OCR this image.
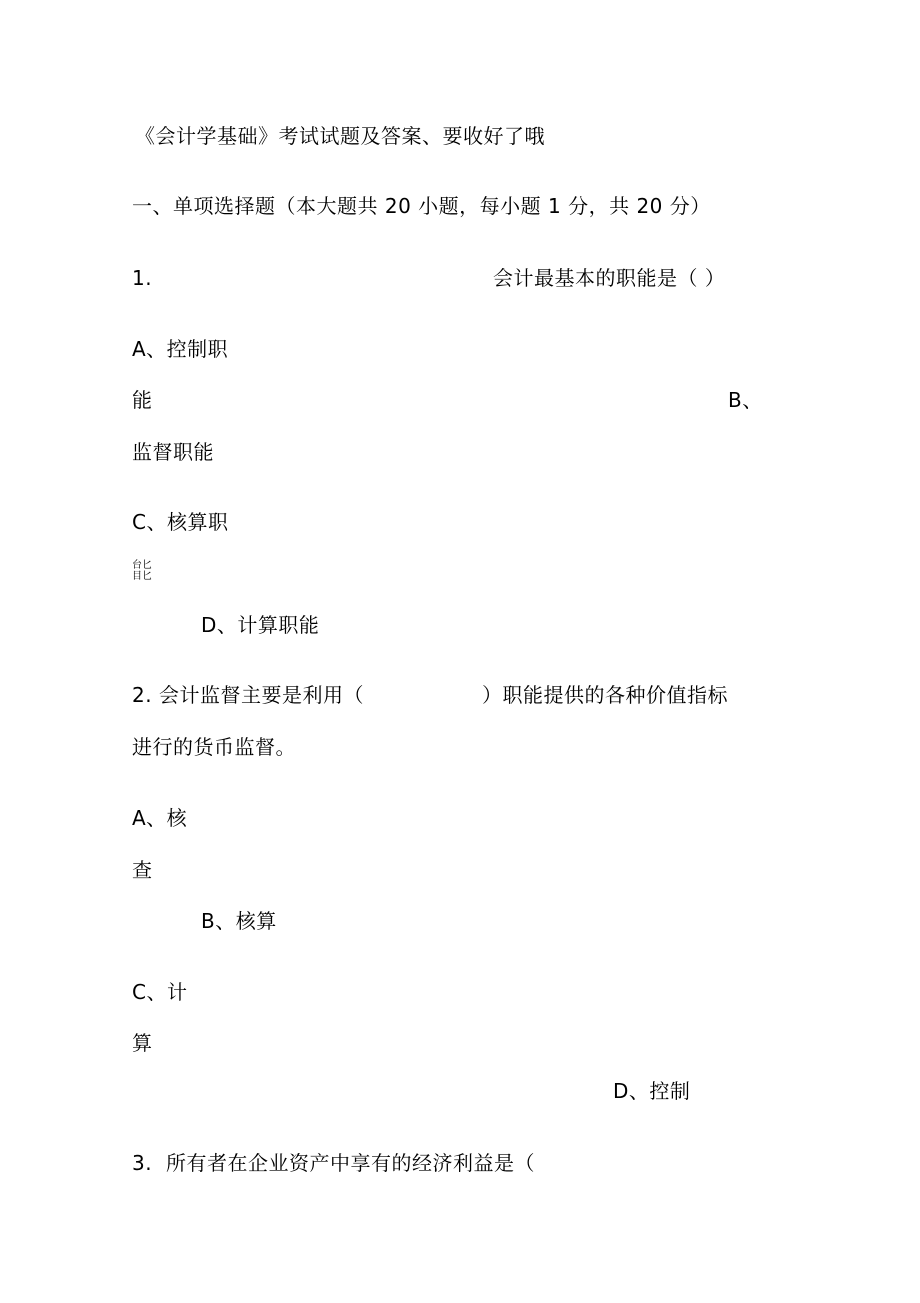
《会计学基础》考试试题及答案、要收好了哦

一、单项选择题（本大题共 20 小题，每小题 1 分，共 20 分）

1.	会计最基本的职能是（ ）

A、控制职

能	B、

监督职能

C、核算职

台匕
目匕

D、计算职能

2. 会计监督主要是利用（	）职能提供的各种价值指标

进行的货币监督。

A、核

查

B、核算

C、计

算

D、控制

3. 所有者在企业资产中享有的经济利益是（
